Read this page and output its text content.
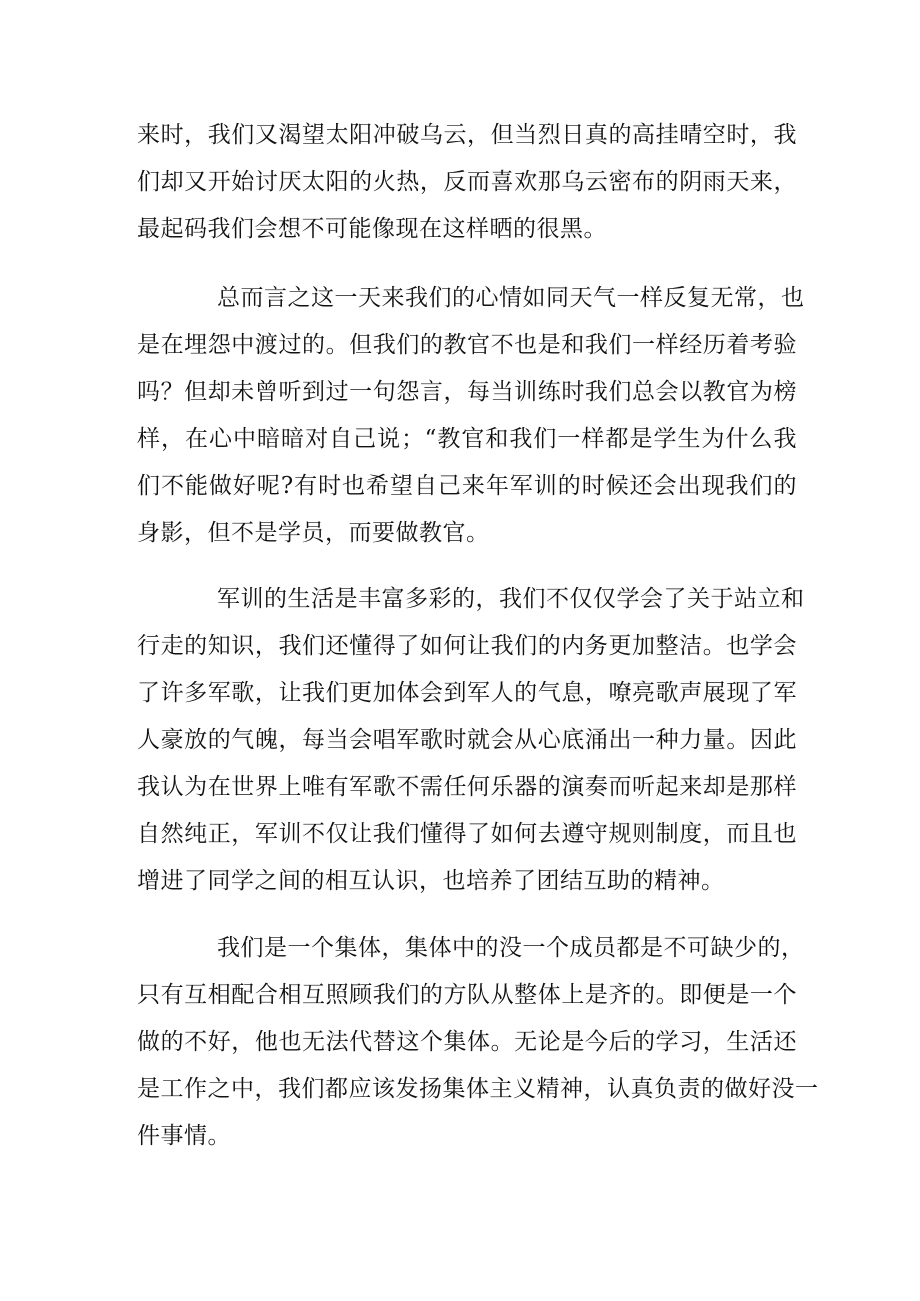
来时，我们又渴望太阳冲破乌云，但当烈日真的高挂晴空时，我
们却又开始讨厌太阳的火热，反而喜欢那乌云密布的阴雨天来，
最起码我们会想不可能像现在这样晒的很黑。
总而言之这一天来我们的心情如同天气一样反复无常，也
是在埋怨中渡过的。但我们的教官不也是和我们一样经历着考验
吗？但却未曾听到过一句怨言，每当训练时我们总会以教官为榜
样，在心中暗暗对自己说；“教官和我们一样都是学生为什么我
们不能做好呢?有时也希望自己来年军训的时候还会出现我们的
身影，但不是学员，而要做教官。
军训的生活是丰富多彩的，我们不仅仅学会了关于站立和
行走的知识，我们还懂得了如何让我们的内务更加整洁。也学会
了许多军歌，让我们更加体会到军人的气息，嘹亮歌声展现了军
人豪放的气魄，每当会唱军歌时就会从心底涌出一种力量。因此
我认为在世界上唯有军歌不需任何乐器的演奏而听起来却是那样
自然纯正，军训不仅让我们懂得了如何去遵守规则制度，而且也
增进了同学之间的相互认识，也培养了团结互助的精神。
我们是一个集体，集体中的没一个成员都是不可缺少的，
只有互相配合相互照顾我们的方队从整体上是齐的。即便是一个
做的不好，他也无法代替这个集体。无论是今后的学习，生活还
是工作之中，我们都应该发扬集体主义精神，认真负责的做好没一
件事情。
